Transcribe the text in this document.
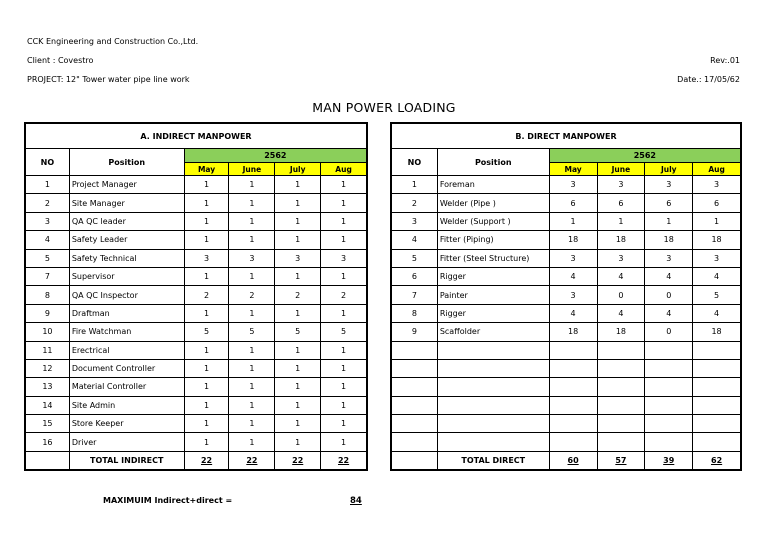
CCK Engineering and Construction Co.,Ltd.
Client : Covestro
PROJECT: 12" Tower water pipe line work
Rev:.01
Date.: 17/05/62
MAN POWER LOADING
A. INDIRECT MANPOWER					
NO	Position	2562			
		May	June	July	Aug
1	Project Manager	1	1	1	1
2	Site Manager	1	1	1	1
3	QA QC leader	1	1	1	1
4	Safety Leader	1	1	1	1
5	Safety Technical	3	3	3	3
7	Supervisor	1	1	1	1
8	QA QC Inspector	2	2	2	2
9	Draftman	1	1	1	1
10	Fire Watchman	5	5	5	5
11	Erectrical	1	1	1	1
12	Document Controller	1	1	1	1
13	Material Controller	1	1	1	1
14	Site Admin	1	1	1	1
15	Store Keeper	1	1	1	1
16	Driver	1	1	1	1
	TOTAL INDIRECT	22	22	22	22
B. DIRECT MANPOWER					
NO	Position	2562			
		May	June	July	Aug
1	Foreman	3	3	3	3
2	Welder (Pipe )	6	6	6	6
3	Welder (Support )	1	1	1	1
4	Fitter (Piping)	18	18	18	18
5	Fitter (Steel Structure)	3	3	3	3
6	Rigger	4	4	4	4
7	Painter	3	0	0	5
8	Rigger	4	4	4	4
9	Scaffolder	18	18	0	18

	TOTAL DIRECT	60	57	39	62
MAXIMUIM Indirect+direct =	84
